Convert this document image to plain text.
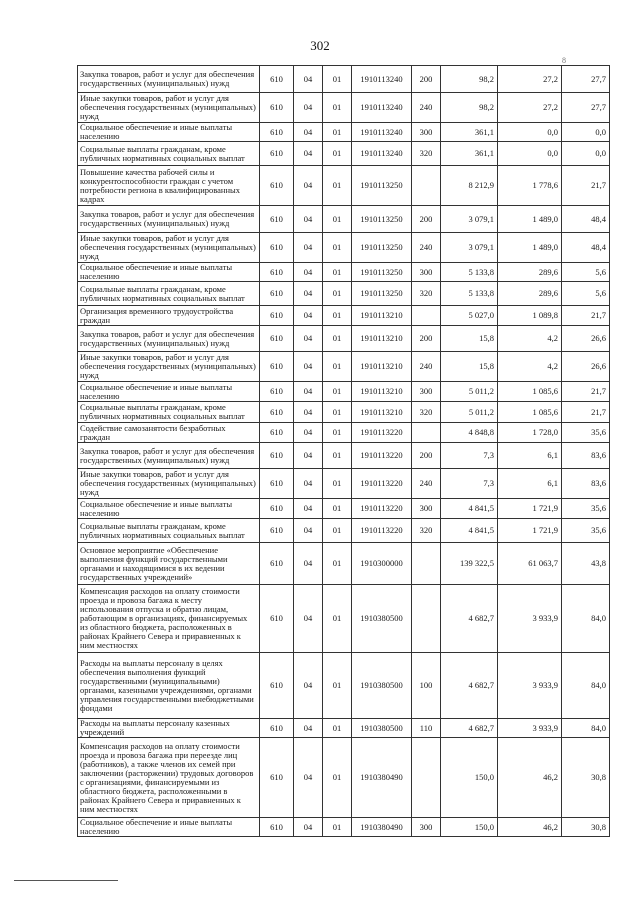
302
8
Закупка товаров, работ и услуг для обеспечения государственных (муниципальных) нужд	610	04	01	1910113240	200	98,2	27,2	27,7
Иные закупки товаров, работ и услуг для обеспечения государственных (муниципальных) нужд	610	04	01	1910113240	240	98,2	27,2	27,7
Социальное обеспечение и иные выплаты населению	610	04	01	1910113240	300	361,1	0,0	0,0
Социальные выплаты гражданам, кроме публичных нормативных социальных выплат	610	04	01	1910113240	320	361,1	0,0	0,0
Повышение качества рабочей силы и конкурентоспособности граждан с учетом потребности региона в квалифицированных кадрах	610	04	01	1910113250		8 212,9	1 778,6	21,7
Закупка товаров, работ и услуг для обеспечения государственных (муниципальных) нужд	610	04	01	1910113250	200	3 079,1	1 489,0	48,4
Иные закупки товаров, работ и услуг для обеспечения государственных (муниципальных) нужд	610	04	01	1910113250	240	3 079,1	1 489,0	48,4
Социальное обеспечение и иные выплаты населению	610	04	01	1910113250	300	5 133,8	289,6	5,6
Социальные выплаты гражданам, кроме публичных нормативных социальных выплат	610	04	01	1910113250	320	5 133,8	289,6	5,6
Организация временного трудоустройства граждан	610	04	01	1910113210		5 027,0	1 089,8	21,7
Закупка товаров, работ и услуг для обеспечения государственных (муниципальных) нужд	610	04	01	1910113210	200	15,8	4,2	26,6
Иные закупки товаров, работ и услуг для обеспечения государственных (муниципальных) нужд	610	04	01	1910113210	240	15,8	4,2	26,6
Социальное обеспечение и иные выплаты населению	610	04	01	1910113210	300	5 011,2	1 085,6	21,7
Социальные выплаты гражданам, кроме публичных нормативных социальных выплат	610	04	01	1910113210	320	5 011,2	1 085,6	21,7
Содействие самозанятости безработных граждан	610	04	01	1910113220		4 848,8	1 728,0	35,6
Закупка товаров, работ и услуг для обеспечения государственных (муниципальных) нужд	610	04	01	1910113220	200	7,3	6,1	83,6
Иные закупки товаров, работ и услуг для обеспечения государственных (муниципальных) нужд	610	04	01	1910113220	240	7,3	6,1	83,6
Социальное обеспечение и иные выплаты населению	610	04	01	1910113220	300	4 841,5	1 721,9	35,6
Социальные выплаты гражданам, кроме публичных нормативных социальных выплат	610	04	01	1910113220	320	4 841,5	1 721,9	35,6
Основное мероприятие «Обеспечение выполнения функций государственными органами и находящимися в их ведении государственных учреждений»	610	04	01	1910300000		139 322,5	61 063,7	43,8
Компенсация расходов на оплату стоимости проезда и провоза багажа к месту использования отпуска и обратно лицам, работающим в организациях, финансируемых из областного бюджета, расположенных в районах Крайнего Севера и приравненных к ним местностях	610	04	01	1910380500		4 682,7	3 933,9	84,0
Расходы на выплаты персоналу в целях обеспечения выполнения функций государственными (муниципальными) органами, казенными учреждениями, органами управления государственными внебюджетными фондами	610	04	01	1910380500	100	4 682,7	3 933,9	84,0
Расходы на выплаты персоналу казенных учреждений	610	04	01	1910380500	110	4 682,7	3 933,9	84,0
Компенсация расходов на оплату стоимости проезда и провоза багажа при переезде лиц (работников), а также членов их семей при заключении (расторжении) трудовых договоров с организациями, финансируемыми из областного бюджета, расположенными в районах Крайнего Севера и приравненных к ним местностях	610	04	01	1910380490		150,0	46,2	30,8
Социальное обеспечение и иные выплаты населению	610	04	01	1910380490	300	150,0	46,2	30,8
